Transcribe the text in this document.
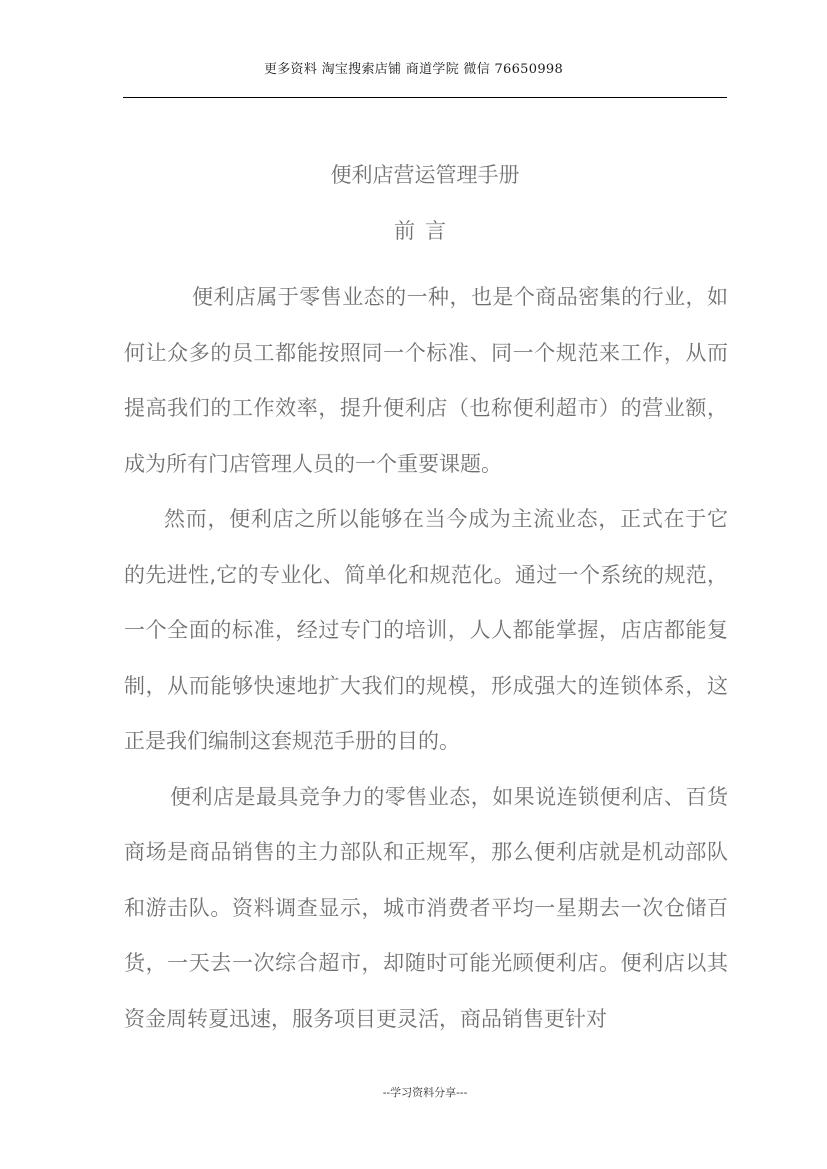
更多资料 淘宝搜索店铺 商道学院 微信 76650998
便利店营运管理手册
前言

便利店属于零售业态的一种，也是个商品密集的行业，如何让众多的员工都能按照同一个标准、同一个规范来工作，从而提高我们的工作效率，提升便利店（也称便利超市）的营业额，成为所有门店管理人员的一个重要课题。

然而，便利店之所以能够在当今成为主流业态，正式在于它的先进性,它的专业化、简单化和规范化。通过一个系统的规范，一个全面的标准，经过专门的培训，人人都能掌握，店店都能复制，从而能够快速地扩大我们的规模，形成强大的连锁体系，这正是我们编制这套规范手册的目的。

便利店是最具竞争力的零售业态，如果说连锁便利店、百货商场是商品销售的主力部队和正规军，那么便利店就是机动部队和游击队。资料调查显示，城市消费者平均一星期去一次仓储百货，一天去一次综合超市，却随时可能光顾便利店。便利店以其资金周转夏迅速，服务项目更灵活，商品销售更针对

--学习资料分享---
